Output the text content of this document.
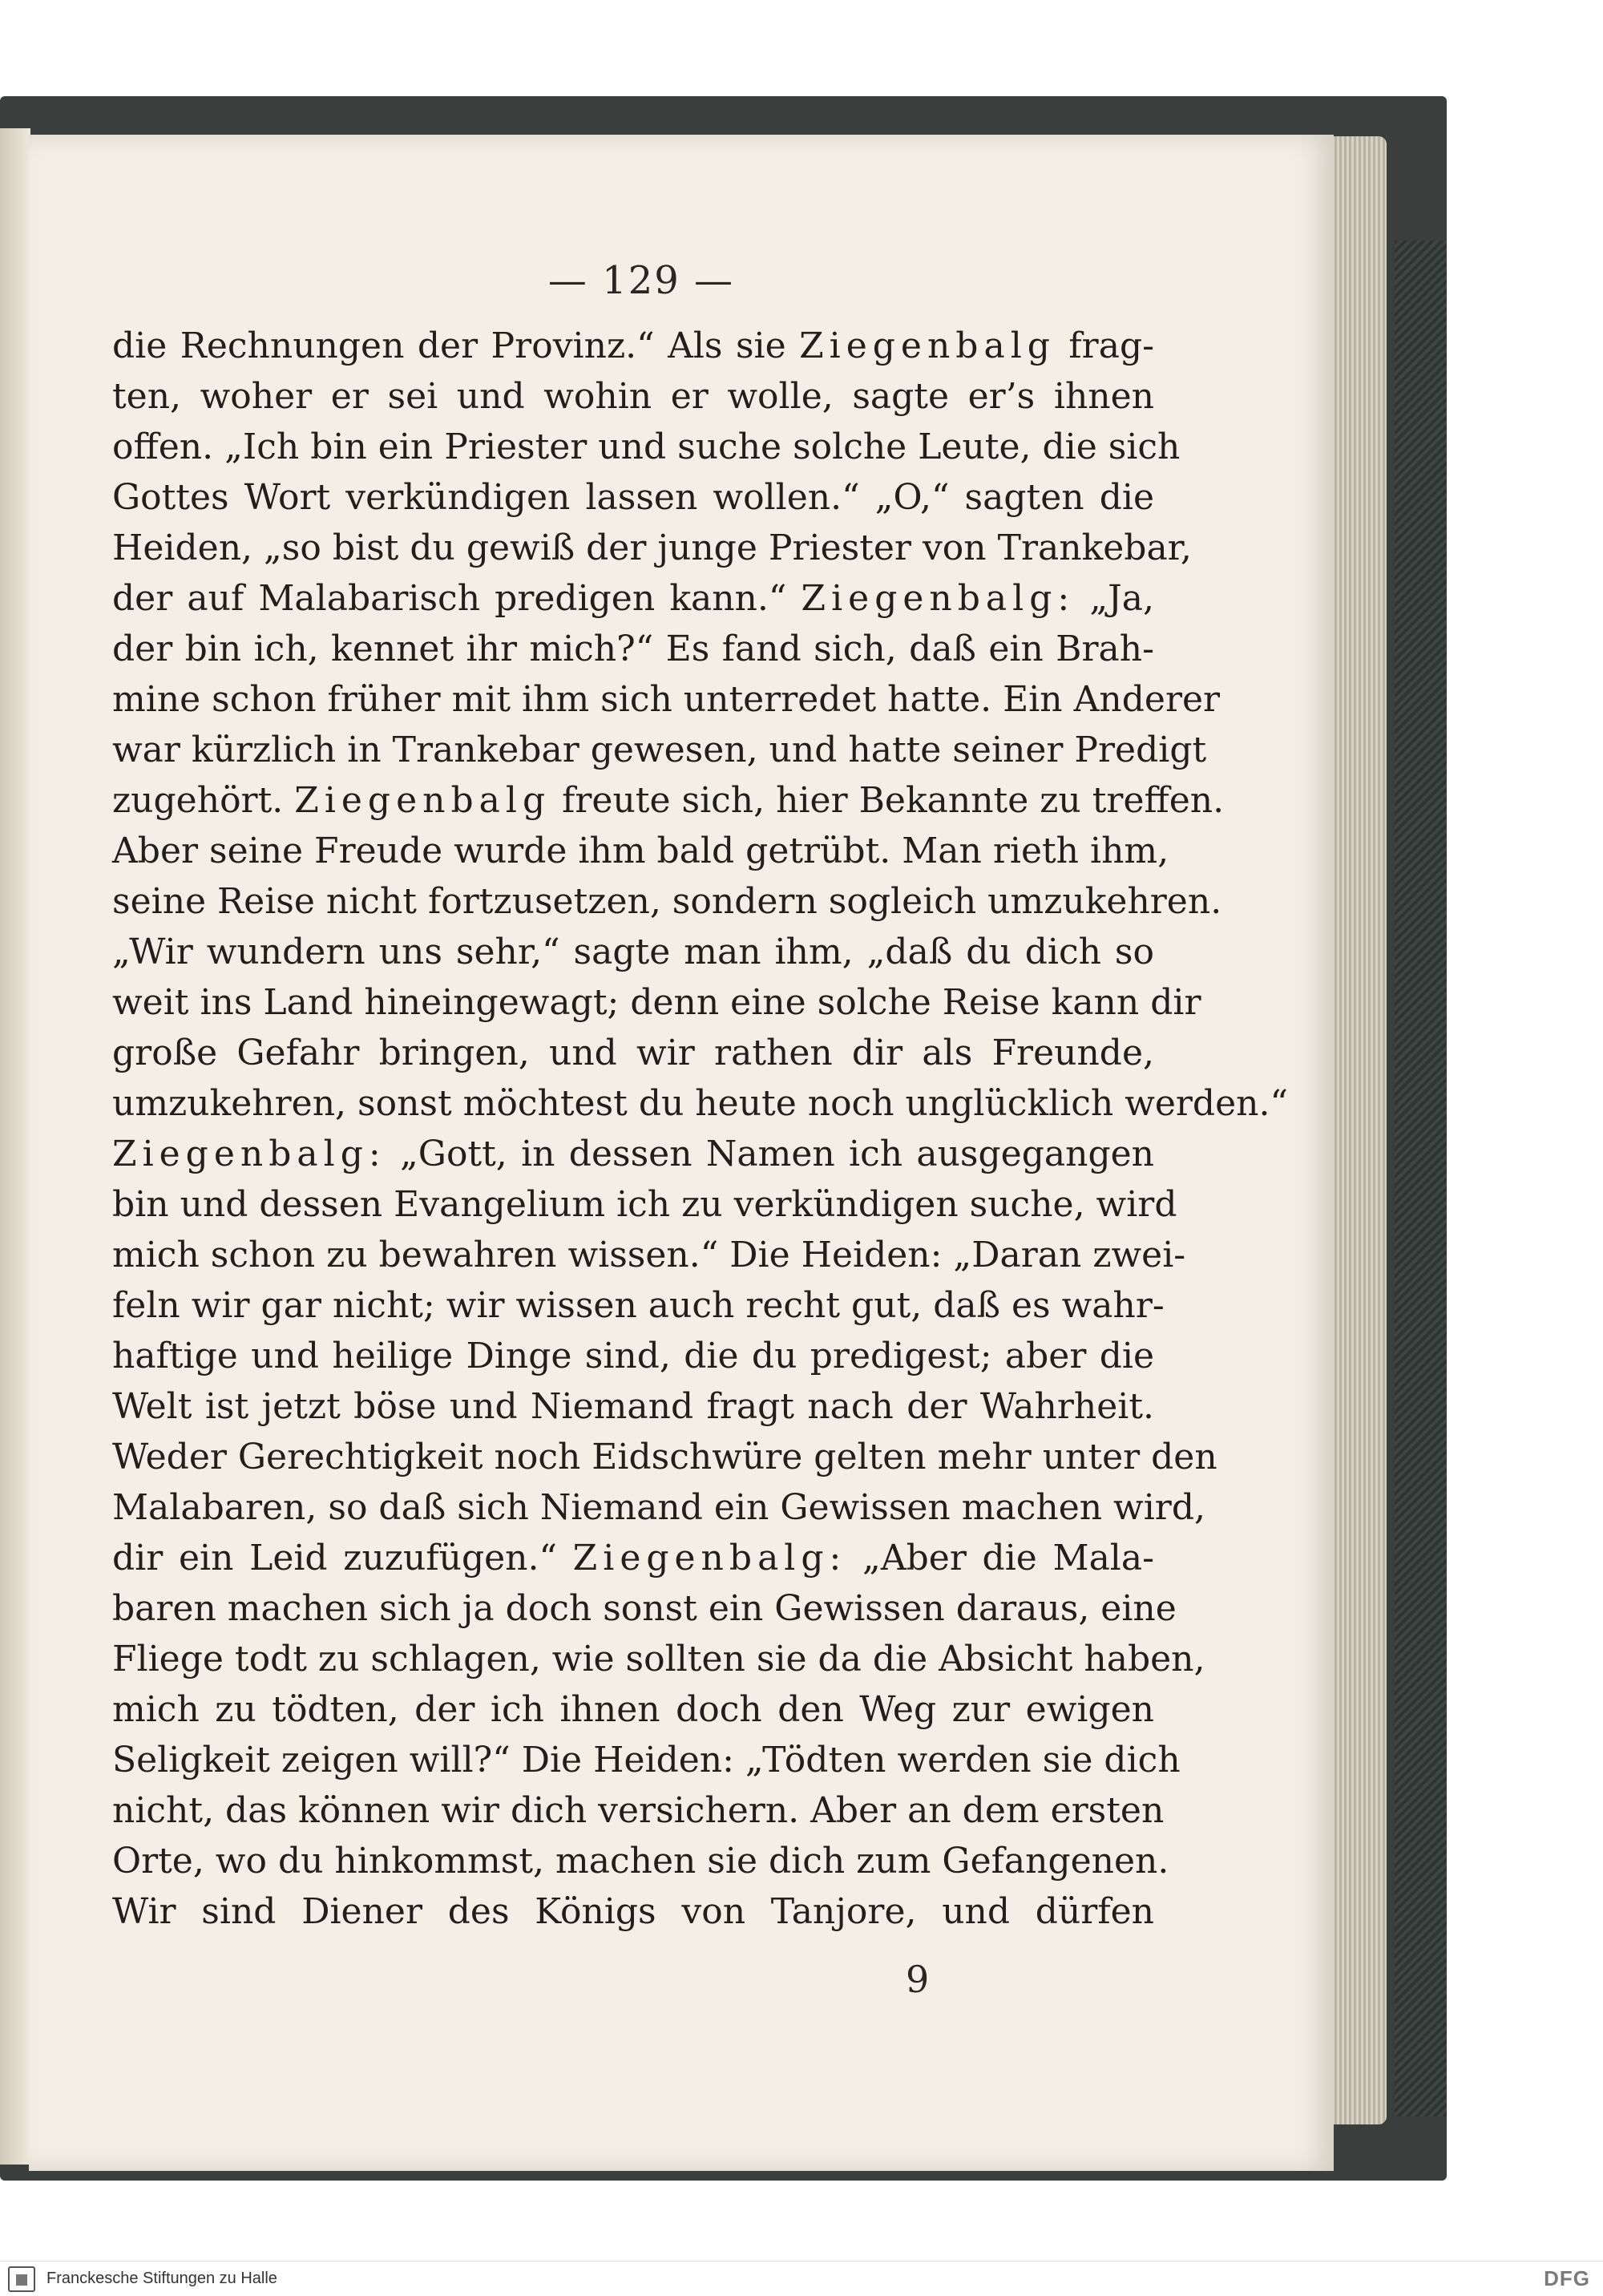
— 129 —
die Rechnungen der Provinz.“ Als sie Ziegenbalg frag-
ten, woher er sei und wohin er wolle, sagte er’s ihnen
offen. „Ich bin ein Priester und suche solche Leute, die sich
Gottes Wort verkündigen lassen wollen.“ „O,“ sagten die
Heiden, „so bist du gewiß der junge Priester von Trankebar,
der auf Malabarisch predigen kann.“ Ziegenbalg: „Ja,
der bin ich, kennet ihr mich?“ Es fand sich, daß ein Brah-
mine schon früher mit ihm sich unterredet hatte. Ein Anderer
war kürzlich in Trankebar gewesen, und hatte seiner Predigt
zugehört. Ziegenbalg freute sich, hier Bekannte zu treffen.
Aber seine Freude wurde ihm bald getrübt. Man rieth ihm,
seine Reise nicht fortzusetzen, sondern sogleich umzukehren.
„Wir wundern uns sehr,“ sagte man ihm, „daß du dich so
weit ins Land hineingewagt; denn eine solche Reise kann dir
große Gefahr bringen, und wir rathen dir als Freunde,
umzukehren, sonst möchtest du heute noch unglücklich werden.“
Ziegenbalg: „Gott, in dessen Namen ich ausgegangen
bin und dessen Evangelium ich zu verkündigen suche, wird
mich schon zu bewahren wissen.“ Die Heiden: „Daran zwei-
feln wir gar nicht; wir wissen auch recht gut, daß es wahr-
haftige und heilige Dinge sind, die du predigest; aber die
Welt ist jetzt böse und Niemand fragt nach der Wahrheit.
Weder Gerechtigkeit noch Eidschwüre gelten mehr unter den
Malabaren, so daß sich Niemand ein Gewissen machen wird,
dir ein Leid zuzufügen.“ Ziegenbalg: „Aber die Mala-
baren machen sich ja doch sonst ein Gewissen daraus, eine
Fliege todt zu schlagen, wie sollten sie da die Absicht haben,
mich zu tödten, der ich ihnen doch den Weg zur ewigen
Seligkeit zeigen will?“ Die Heiden: „Tödten werden sie dich
nicht, das können wir dich versichern. Aber an dem ersten
Orte, wo du hinkommst, machen sie dich zum Gefangenen.
Wir sind Diener des Königs von Tanjore, und dürfen
9
Franckesche Stiftungen zu Halle	DFG
